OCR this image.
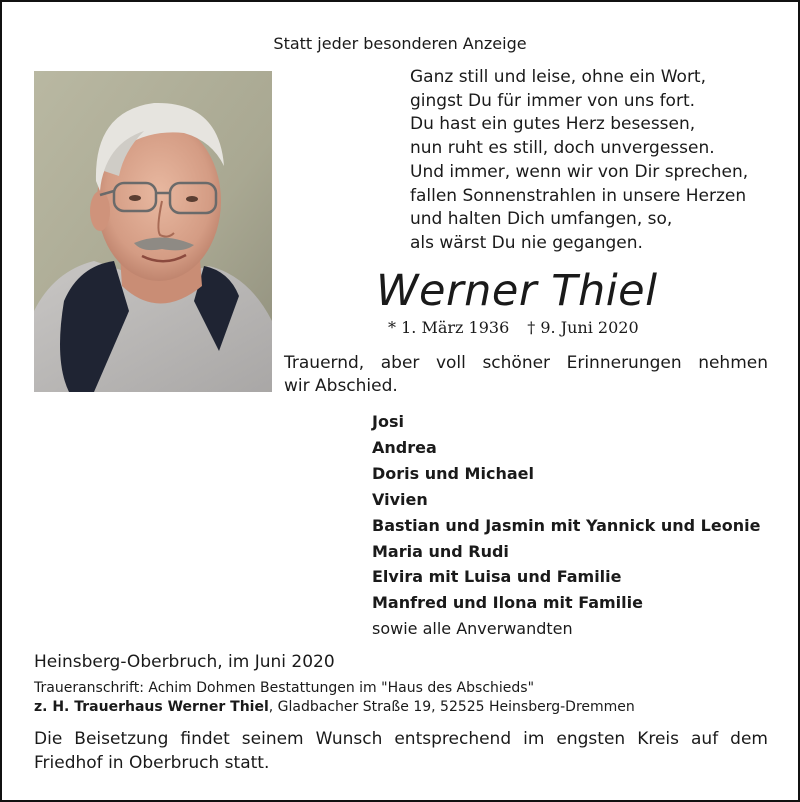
Statt jeder besonderen Anzeige
Ganz still und leise, ohne ein Wort,
gingst Du für immer von uns fort.
Du hast ein gutes Herz besessen,
nun ruht es still, doch unvergessen.
Und immer, wenn wir von Dir sprechen,
fallen Sonnenstrahlen in unsere Herzen
und halten Dich umfangen, so,
als wärst Du nie gegangen.
Werner Thiel
* 1. März 1936 † 9. Juni 2020
Trauernd, aber voll schöner Erinnerungen nehmen
wir Abschied.
Josi
Andrea
Doris und Michael
Vivien
Bastian und Jasmin mit Yannick und Leonie
Maria und Rudi
Elvira mit Luisa und Familie
Manfred und Ilona mit Familie
sowie alle Anverwandten
Heinsberg-Oberbruch, im Juni 2020
Traueranschrift: Achim Dohmen Bestattungen im "Haus des Abschieds"
z. H. Trauerhaus Werner Thiel, Gladbacher Straße 19, 52525 Heinsberg-Dremmen
Die Beisetzung findet seinem Wunsch entsprechend im engsten Kreis auf dem
Friedhof in Oberbruch statt.
